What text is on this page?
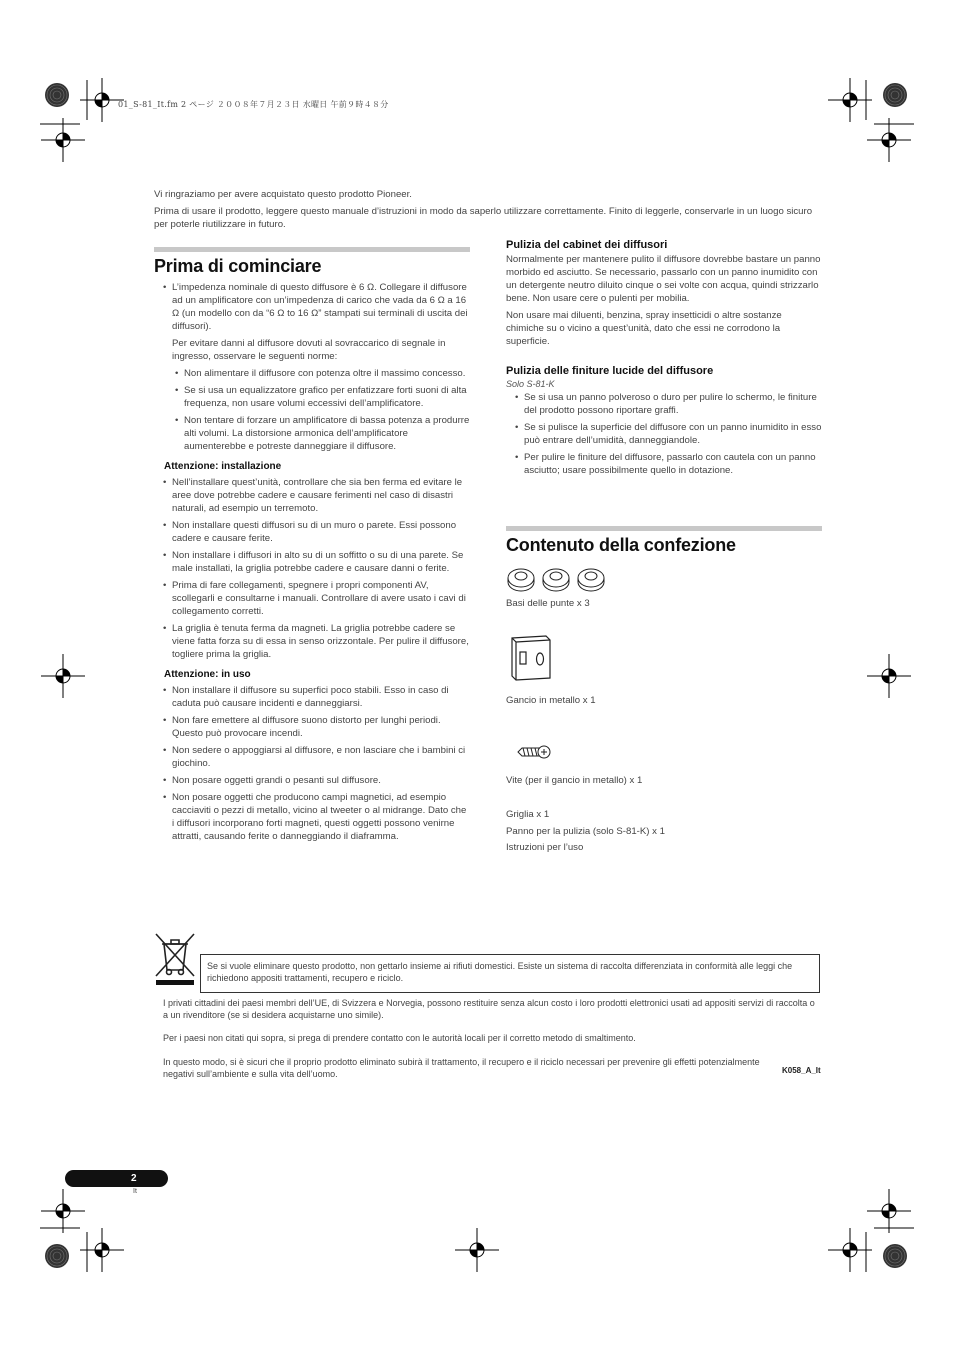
01_S-81_It.fm 2 ページ ２００８年７月２３日 水曜日 午前９時４８分

Vi ringraziamo per avere acquistato questo prodotto Pioneer.

Prima di usare il prodotto, leggere questo manuale d’istruzioni in modo da saperlo utilizzare correttamente. Finito di leggerle, conservarle in un luogo sicuro per poterle riutilizzare in futuro.

Prima di cominciare
• L’impedenza nominale di questo diffusore è 6 Ω. Collegare il diffusore ad un amplificatore con un’impedenza di carico che vada da 6 Ω a 16 Ω (un modello con da “6 Ω to 16 Ω” stampati sui terminali di uscita dei diffusori).
Per evitare danni al diffusore dovuti al sovraccarico di segnale in ingresso, osservare le seguenti norme:
• Non alimentare il diffusore con potenza oltre il massimo concesso.
• Se si usa un equalizzatore grafico per enfatizzare forti suoni di alta frequenza, non usare volumi eccessivi dell’amplificatore.
• Non tentare di forzare un amplificatore di bassa potenza a produrre alti volumi. La distorsione armonica dell’amplificatore aumenterebbe e potreste danneggiare il diffusore.
Attenzione: installazione
• Nell’installare quest’unità, controllare che sia ben ferma ed evitare le aree dove potrebbe cadere e causare ferimenti nel caso di disastri naturali, ad esempio un terremoto.
• Non installare questi diffusori su di un muro o parete. Essi possono cadere e causare ferite.
• Non installare i diffusori in alto su di un soffitto o su di una parete. Se male installati, la griglia potrebbe cadere e causare danni o ferite.
• Prima di fare collegamenti, spegnere i propri componenti AV, scollegarli e consultarne i manuali. Controllare di avere usato i cavi di collegamento corretti.
• La griglia è tenuta ferma da magneti. La griglia potrebbe cadere se viene fatta forza su di essa in senso orizzontale. Per pulire il diffusore, togliere prima la griglia.
Attenzione: in uso
• Non installare il diffusore su superfici poco stabili. Esso in caso di caduta può causare incidenti e danneggiarsi.
• Non fare emettere al diffusore suono distorto per lunghi periodi. Questo può provocare incendi.
• Non sedere o appoggiarsi al diffusore, e non lasciare che i bambini ci giochino.
• Non posare oggetti grandi o pesanti sul diffusore.
• Non posare oggetti che producono campi magnetici, ad esempio cacciaviti o pezzi di metallo, vicino al tweeter o al midrange. Dato che i diffusori incorporano forti magneti, questi oggetti possono venirne attratti, causando ferite o danneggiando il diaframma.
Pulizia del cabinet dei diffusori

Normalmente per mantenere pulito il diffusore dovrebbe bastare un panno morbido ed asciutto. Se necessario, passarlo con un panno inumidito con un detergente neutro diluito cinque o sei volte con acqua, quindi strizzarlo bene. Non usare cere o pulenti per mobilia.

Non usare mai diluenti, benzina, spray insetticidi o altre sostanze chimiche su o vicino a quest’unità, dato che essi ne corrodono la superficie.

Pulizia delle finiture lucide del diffusore
Solo S-81-K
• Se si usa un panno polveroso o duro per pulire lo schermo, le finiture del prodotto possono riportare graffi.
• Se si pulisce la superficie del diffusore con un panno inumidito in esso può entrare dell’umidità, danneggiandole.
• Per pulire le finiture del diffusore, passarlo con cautela con un panno asciutto; usare possibilmente quello in dotazione.
Contenuto della confezione
Basi delle punte x 3
Gancio in metallo x 1
Vite (per il gancio in metallo) x 1
Griglia x 1
Panno per la pulizia (solo S-81-K) x 1
Istruzioni per l’uso
Se si vuole eliminare questo prodotto, non gettarlo insieme ai rifiuti domestici. Esiste un sistema di raccolta differenziata in conformità alle leggi che richiedono appositi trattamenti, recupero e riciclo.
I privati cittadini dei paesi membri dell’UE, di Svizzera e Norvegia, possono restituire senza alcun costo i loro prodotti elettronici usati ad appositi servizi di raccolta o a un rivenditore (se si desidera acquistarne uno simile).
Per i paesi non citati qui sopra, si prega di prendere contatto con le autorità locali per il corretto metodo di smaltimento.
In questo modo, si è sicuri che il proprio prodotto eliminato subirà il trattamento, il recupero e il riciclo necessari per prevenire gli effetti potenzialmente negativi sull’ambiente e sulla vita dell’uomo.	K058_A_It
2
It
